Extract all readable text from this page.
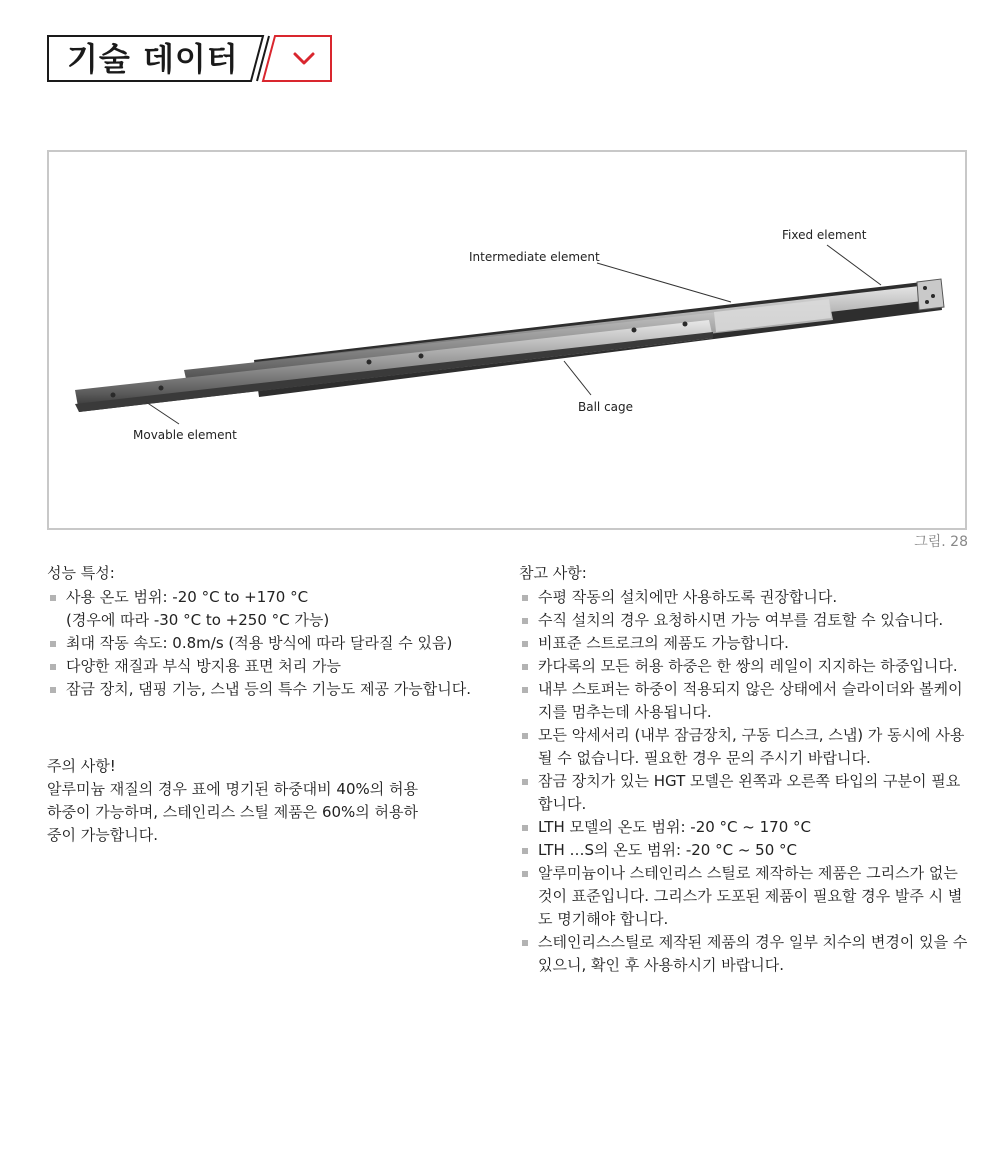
기술 데이터
Fixed element
Intermediate element
Ball cage
Movable element
그림. 28
성능 특성:
사용 온도 범위: -20 °C to +170 °C
(경우에 따라 -30 °C to +250 °C 가능)
최대 작동 속도: 0.8m/s (적용 방식에 따라 달라질 수 있음)
다양한 재질과 부식 방지용 표면 처리 가능
잠금 장치, 댐핑 기능, 스냅 등의 특수 기능도 제공 가능합니다.

주의 사항!

알루미늄 재질의 경우 표에 명기된 하중대비 40%의 허용

하중이 가능하며, 스테인리스 스틸 제품은 60%의 허용하

중이 가능합니다.

참고 사항:
수평 작동의 설치에만 사용하도록 권장합니다.
수직 설치의 경우 요청하시면 가능 여부를 검토할 수 있습니다.
비표준 스트로크의 제품도 가능합니다.
카다록의 모든 허용 하중은 한 쌍의 레일이 지지하는 하중입니다.
내부 스토퍼는 하중이 적용되지 않은 상태에서 슬라이더와 볼케이지를 멈추는데 사용됩니다.
모든 악세서리 (내부 잠금장치, 구동 디스크, 스냅) 가 동시에 사용될 수 없습니다. 필요한 경우 문의 주시기 바랍니다.
잠금 장치가 있는 HGT 모델은 왼쪽과 오른쪽 타입의 구분이 필요합니다.
LTH 모델의 온도 범위: -20 °C ~ 170 °C
LTH …S의 온도 범위: -20 °C ~ 50 °C
알루미늄이나 스테인리스 스틸로 제작하는 제품은 그리스가 없는 것이 표준입니다. 그리스가 도포된 제품이 필요할 경우 발주 시 별도 명기해야 합니다.
스테인리스스틸로 제작된 제품의 경우 일부 치수의 변경이 있을 수 있으니, 확인 후 사용하시기 바랍니다.
